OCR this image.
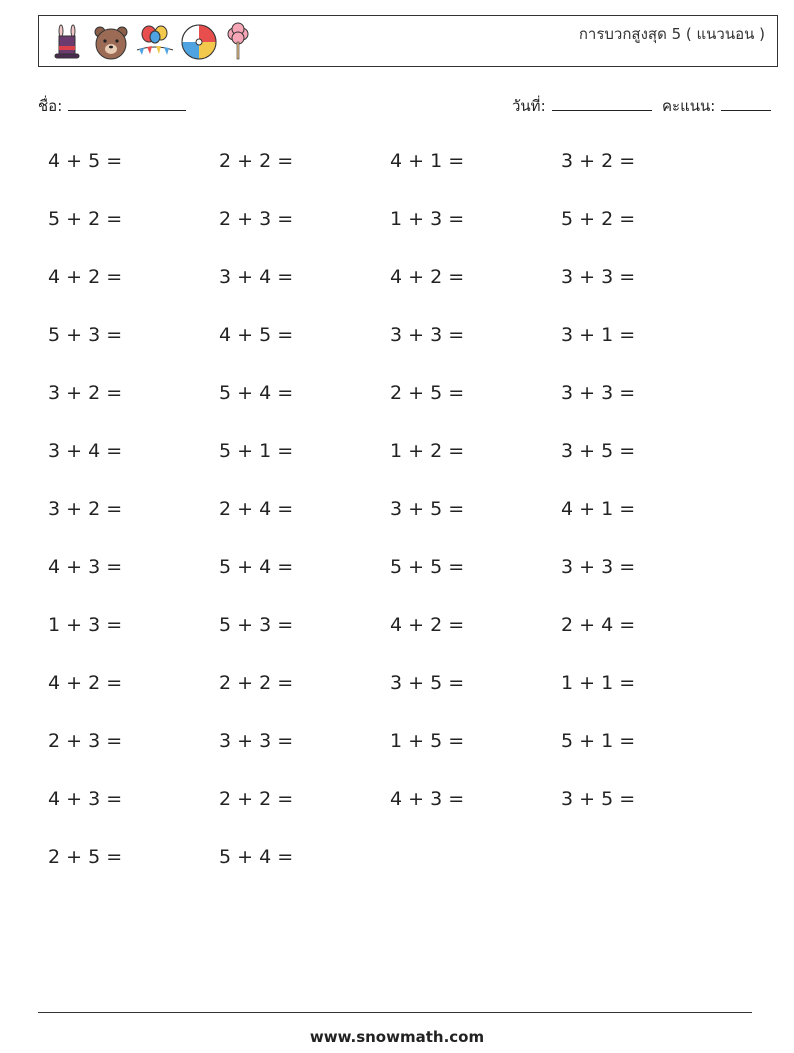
การบวกสูงสุด 5 ( แนวนอน )
ชื่อ:	วันที่:	คะแนน:
4 + 5 =	2 + 2 =	4 + 1 =	3 + 2 =
5 + 2 =	2 + 3 =	1 + 3 =	5 + 2 =
4 + 2 =	3 + 4 =	4 + 2 =	3 + 3 =
5 + 3 =	4 + 5 =	3 + 3 =	3 + 1 =
3 + 2 =	5 + 4 =	2 + 5 =	3 + 3 =
3 + 4 =	5 + 1 =	1 + 2 =	3 + 5 =
3 + 2 =	2 + 4 =	3 + 5 =	4 + 1 =
4 + 3 =	5 + 4 =	5 + 5 =	3 + 3 =
1 + 3 =	5 + 3 =	4 + 2 =	2 + 4 =
4 + 2 =	2 + 2 =	3 + 5 =	1 + 1 =
2 + 3 =	3 + 3 =	1 + 5 =	5 + 1 =
4 + 3 =	2 + 2 =	4 + 3 =	3 + 5 =
2 + 5 =	5 + 4 =
www.snowmath.com
